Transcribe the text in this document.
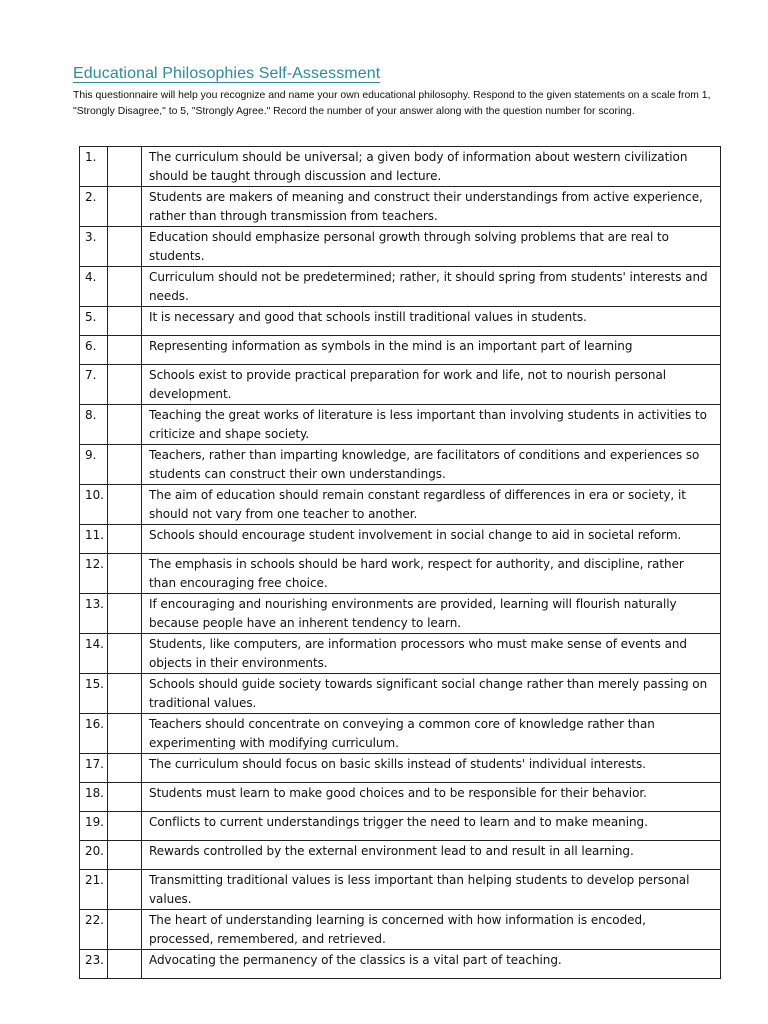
Educational Philosophies Self-Assessment
This questionnaire will help you recognize and name your own educational philosophy. Respond to the given statements on a scale from 1, "Strongly Disagree," to 5, "Strongly Agree." Record the number of your answer along with the question number for scoring.
1.		The curriculum should be universal; a given body of information about western civilization should be taught through discussion and lecture.

2.		Students are makers of meaning and construct their understandings from active experience, rather than through transmission from teachers.

3.		Education should emphasize personal growth through solving problems that are real to students.

4.		Curriculum should not be predetermined; rather, it should spring from students' interests and needs.

5.		It is necessary and good that schools instill traditional values in students.

6.		Representing information as symbols in the mind is an important part of learning

7.		Schools exist to provide practical preparation for work and life, not to nourish personal development.

8.		Teaching the great works of literature is less important than involving students in activities to criticize and shape society.

9.		Teachers, rather than imparting knowledge, are facilitators of conditions and experiences so students can construct their own understandings.

10.		The aim of education should remain constant regardless of differences in era or society, it should not vary from one teacher to another.

11.		Schools should encourage student involvement in social change to aid in societal reform.

12.		The emphasis in schools should be hard work, respect for authority, and discipline, rather than encouraging free choice.

13.		If encouraging and nourishing environments are provided, learning will flourish naturally because people have an inherent tendency to learn.

14.		Students, like computers, are information processors who must make sense of events and objects in their environments.

15.		Schools should guide society towards significant social change rather than merely passing on traditional values.

16.		Teachers should concentrate on conveying a common core of knowledge rather than experimenting with modifying curriculum.

17.		The curriculum should focus on basic skills instead of students' individual interests.

18.		Students must learn to make good choices and to be responsible for their behavior.

19.		Conflicts to current understandings trigger the need to learn and to make meaning.

20.		Rewards controlled by the external environment lead to and result in all learning.

21.		Transmitting traditional values is less important than helping students to develop personal values.

22.		The heart of understanding learning is concerned with how information is encoded, processed, remembered, and retrieved.

23.		Advocating the permanency of the classics is a vital part of teaching.
